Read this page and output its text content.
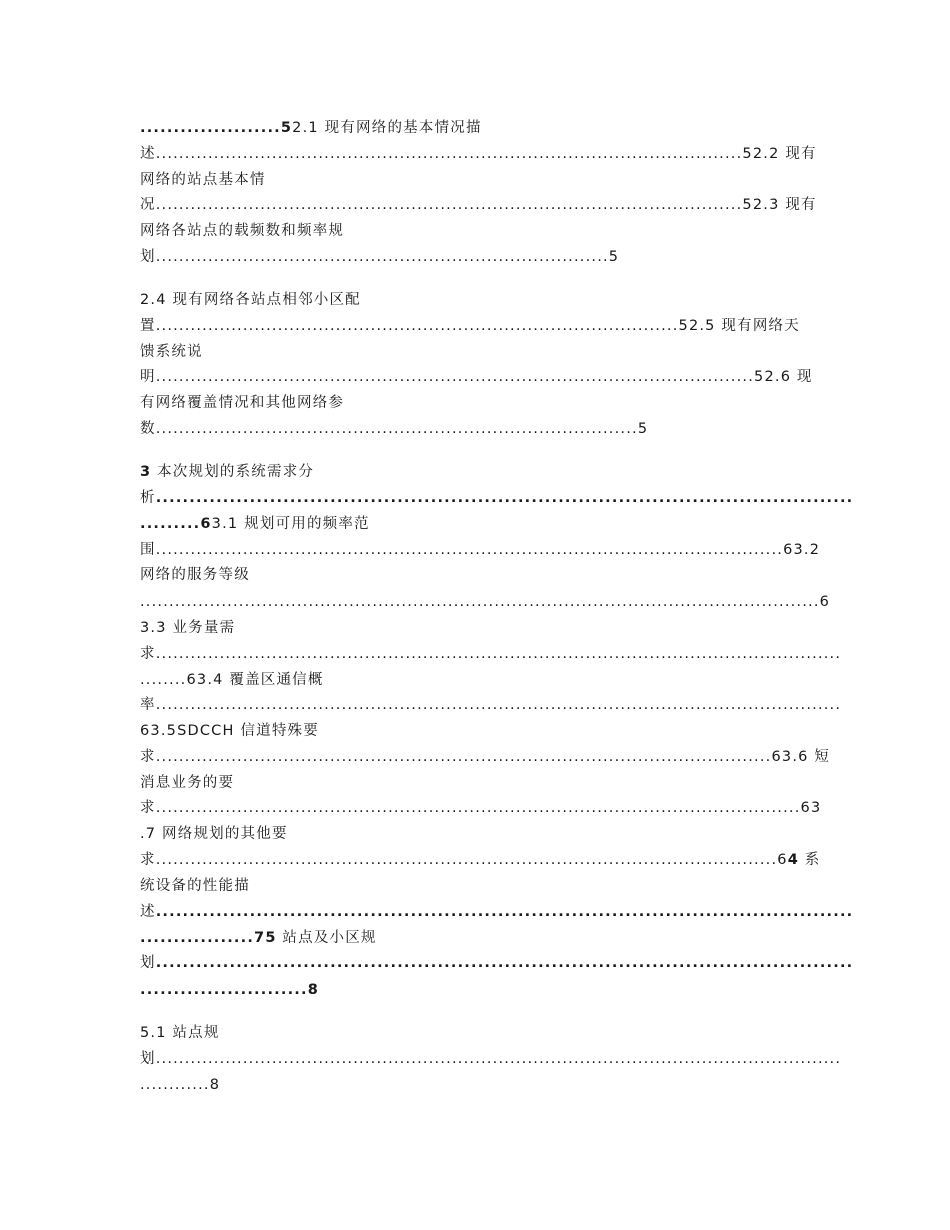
.....................52.1 现有网络的基本情况描
述.....................................................................................................52.2 现有
网络的站点基本情
况.....................................................................................................52.3 现有
网络各站点的载频数和频率规
划..............................................................................5
2.4 现有网络各站点相邻小区配
置..........................................................................................52.5 现有网络天
馈系统说
明.......................................................................................................52.6 现
有网络覆盖情况和其他网络参
数...................................................................................5
3 本次规划的系统需求分
析........................................................................................................
.........63.1 规划可用的频率范
围............................................................................................................63.2
网络的服务等级
.....................................................................................................................6
3.3 业务量需
求......................................................................................................................
........63.4 覆盖区通信概
率......................................................................................................................
63.5SDCCH 信道特殊要
求..........................................................................................................63.6 短
消息业务的要
求...............................................................................................................63
.7 网络规划的其他要
求...........................................................................................................64 系
统设备的性能描
述........................................................................................................
.................75 站点及小区规
划........................................................................................................
.........................8
5.1 站点规
划......................................................................................................................
............8
